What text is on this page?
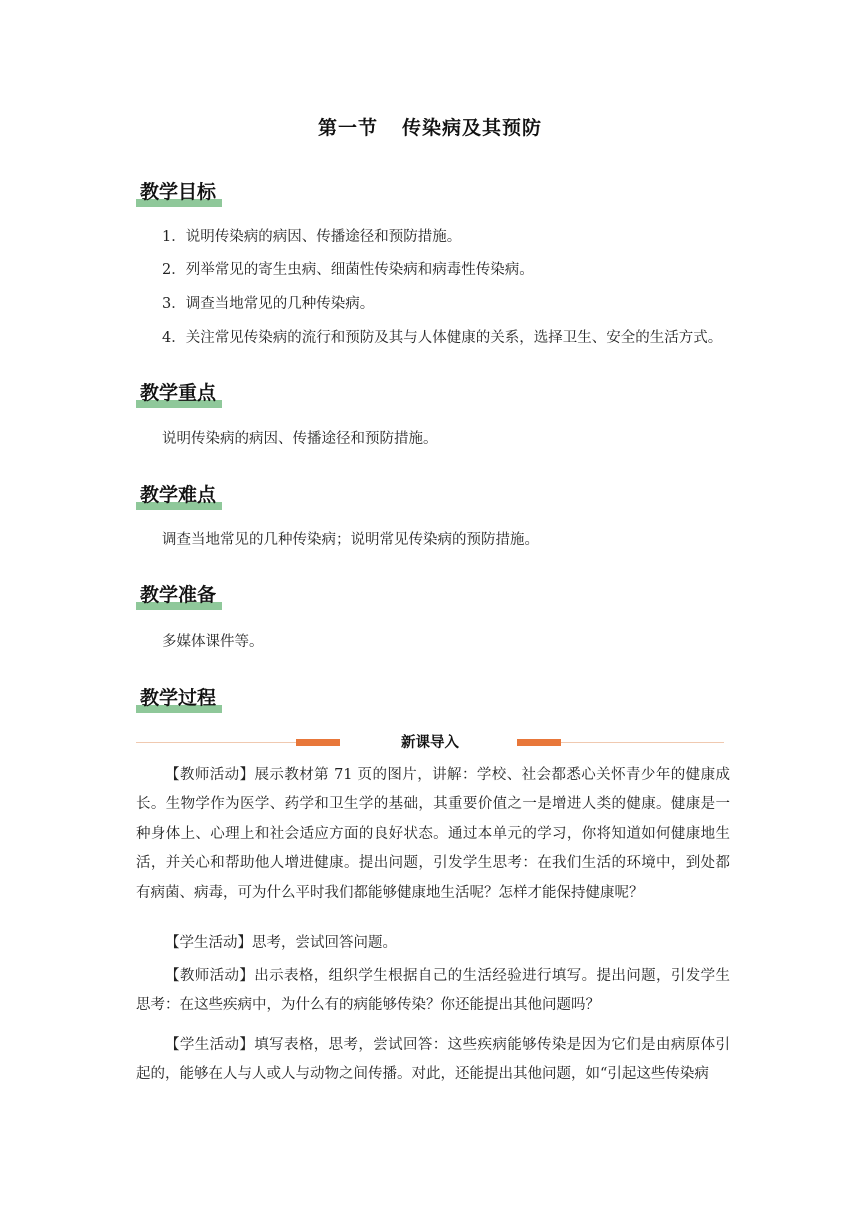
第一节 传染病及其预防
教学目标
1．说明传染病的病因、传播途径和预防措施。
2．列举常见的寄生虫病、细菌性传染病和病毒性传染病。
3．调查当地常见的几种传染病。
4．关注常见传染病的流行和预防及其与人体健康的关系，选择卫生、安全的生活方式。
教学重点
说明传染病的病因、传播途径和预防措施。
教学难点
调查当地常见的几种传染病；说明常见传染病的预防措施。
教学准备
多媒体课件等。
教学过程
新课导入

【教师活动】展示教材第 71 页的图片，讲解：学校、社会都悉心关怀青少年的健康成长。生物学作为医学、药学和卫生学的基础，其重要价值之一是增进人类的健康。健康是一种身体上、心理上和社会适应方面的良好状态。通过本单元的学习，你将知道如何健康地生活，并关心和帮助他人增进健康。提出问题，引发学生思考：在我们生活的环境中，到处都有病菌、病毒，可为什么平时我们都能够健康地生活呢？怎样才能保持健康呢？

【学生活动】思考，尝试回答问题。

【教师活动】出示表格，组织学生根据自己的生活经验进行填写。提出问题，引发学生思考：在这些疾病中，为什么有的病能够传染？你还能提出其他问题吗？

【学生活动】填写表格，思考，尝试回答：这些疾病能够传染是因为它们是由病原体引起的，能够在人与人或人与动物之间传播。对此，还能提出其他问题，如“引起这些传染病
